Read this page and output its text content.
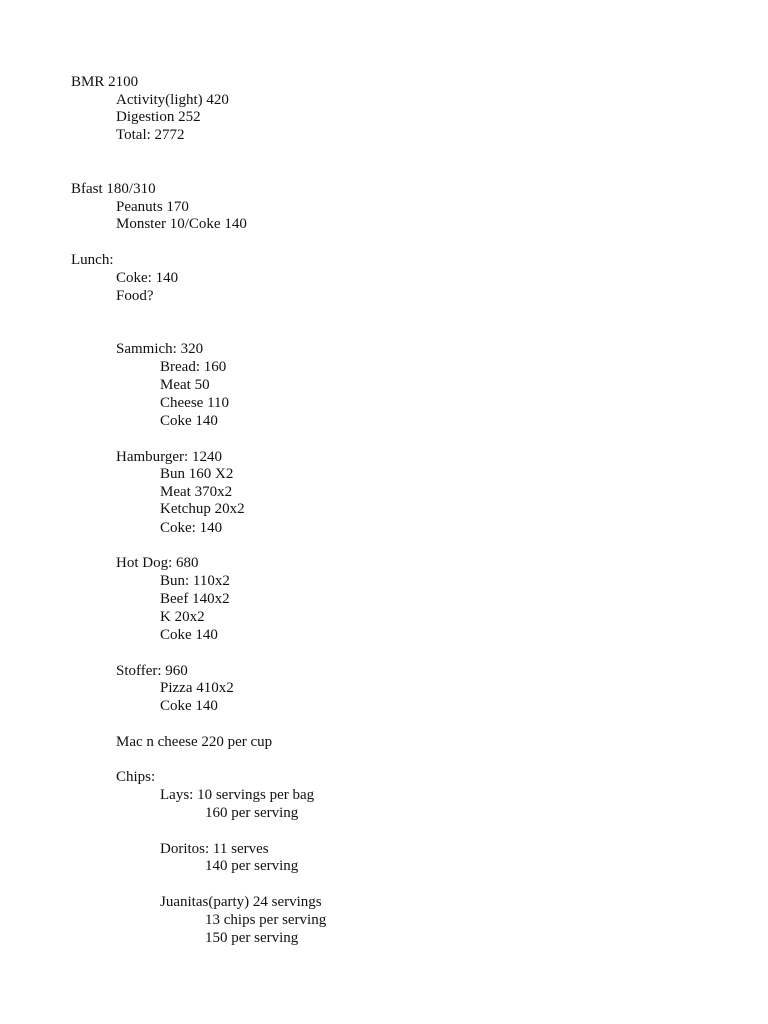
BMR 2100
Activity(light) 420
Digestion 252
Total: 2772
Bfast 180/310
Peanuts 170
Monster 10/Coke 140
Lunch:
Coke: 140
Food?
Sammich: 320
Bread: 160
Meat 50
Cheese 110
Coke 140
Hamburger: 1240
Bun 160 X2
Meat 370x2
Ketchup 20x2
Coke: 140
Hot Dog: 680
Bun: 110x2
Beef 140x2
K 20x2
Coke 140
Stoffer: 960
Pizza 410x2
Coke 140
Mac n cheese 220 per cup
Chips:
Lays: 10 servings per bag
160 per serving
Doritos: 11 serves
140 per serving
Juanitas(party) 24 servings
13 chips per serving
150 per serving
